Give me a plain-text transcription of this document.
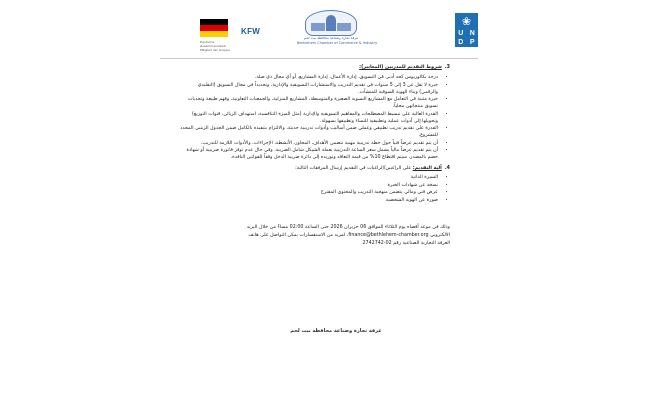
Deutsche Zusammenarbeit
Mitglied der Gruppe
KFW
غرفة تجارة وصناعة محافظة بيت لحم
Bethlehem Chamber of Commerce & Industry
❀
U N
D P
3.شروط التقديم للمدربين (المعايير):
• درجة بكالوريوس كحد أدنى في التسويق، إدارة الأعمال، إدارة المشاريع، أو أي مجال ذي صلة.
• خبرة لا تقل عن 3 إلى 5 سنوات في تقديم التدريب والاستشارات التسويقية والإدارية، وتحديداً في مجال التسويق (التقليدي والرقمي) وبناء الهوية السوقية للمنشآت.
• خبرة مثبتة في التعامل مع المشاريع النسوية الصغيرة والمتوسطة، المشاريع المنزلية، والجمعيات التعاونية، وفهم طبيعة وتحديات تسويق منتجاتهن محلياً.
• القدرة العالية على تبسيط المصطلحات والمفاهيم التسويقية والإدارية (مثل الميزة التنافسية، استهداف الزبائن، قنوات التوزيع) وتحويلها إلى أدوات عملية وتطبيقية للنساء وتطبيقها بسهولة.
• القدرة على تقديم تدريب تطبيقي وعملي ضمن أساليب وأدوات تدريبية حديثة، والالتزام بتنفيذه بالكامل ضمن الجدول الزمني المحدد للمشروع.
• أن يتم تقديم عرضاً فنياً حول خطة تدريبية مهنية تتضمن الأهداف، المحاور، الأنشطة، الإجراءات، والأدوات اللازمة للتدريب.
• أن يتم تقديم عرضاً مالياً يشمل سعر الساعة التدريبية بعملة الشيكل شامل الضريبة. وفي حال عدم توفر فاتورة ضريبية أو شهادة خصم بالمصدر، سيتم اقتطاع 10% من قيمة التعاقد وتوريده إلى دائرة ضريبة الدخل وفقاً للقوانين النافذة.
4.آلية التقديم: على الراغبين/الراغبات في التقديم إرسال المرفقات التالية:
• السيرة الذاتية
• نسخة عن شهادات الخبرة
• عرض فني ومالي يتضمن منهجية التدريب والمحتوى المقترح
• صورة عن الهوية الشخصية
وذلك في موعد أقصاه يوم الثلاثاء الموافق 06 حزيران 2026 حتى الساعة 02:00 مساءً من خلال البريد
الالكتروني finance@bethlehem-chamber.org، لمزيد من الاستفسارات يمكن التواصل على هاتف
الغرفة التجارية الصناعية رقم 02-2742742
غرفة تجارة وصناعة محافظة بيت لحم
